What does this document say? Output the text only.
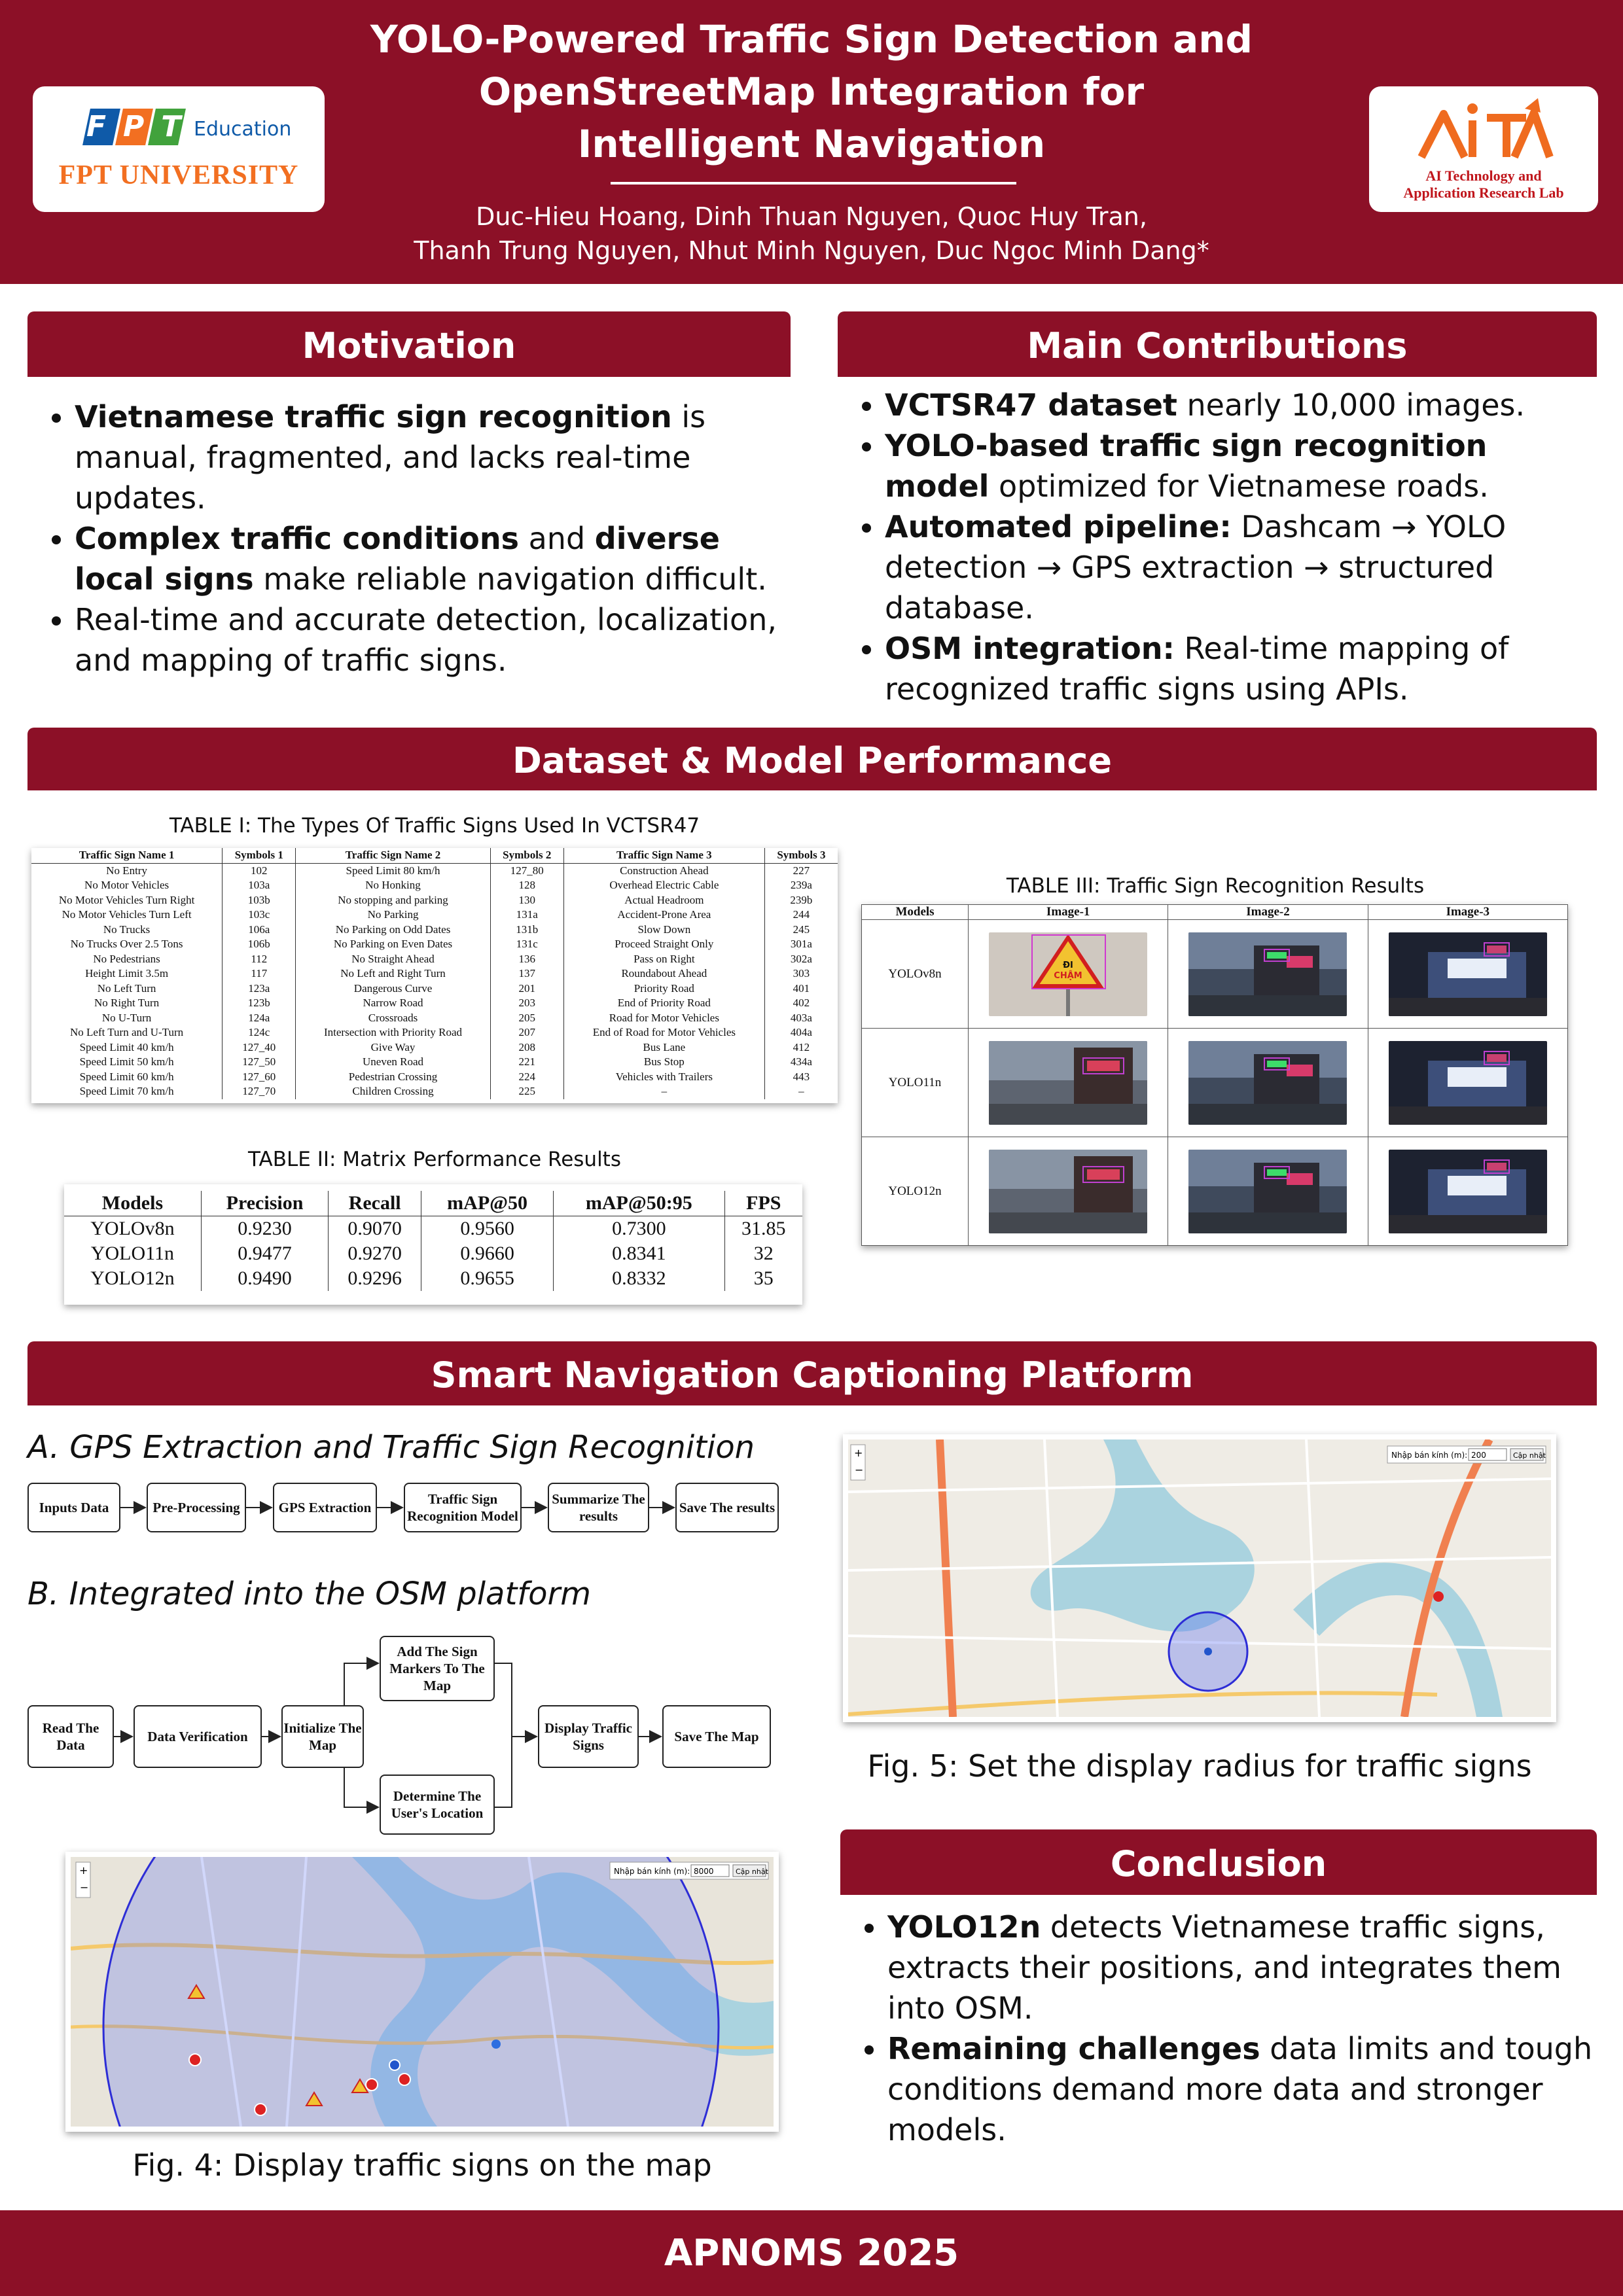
YOLO-Powered Traffic Sign Detection and
OpenStreetMap Integration for
Intelligent Navigation
Duc-Hieu Hoang, Dinh Thuan Nguyen, Quoc Huy Tran,
Thanh Trung Nguyen, Nhut Minh Nguyen, Duc Ngoc Minh Dang*
FPT
Education
FPT UNIVERSITY	AI Technology and
Application Research Lab
Motivation
• Vietnamese traffic sign recognition is manual, fragmented, and lacks real-time updates.
• Complex traffic conditions and diverse local signs make reliable navigation difficult.
• Real-time and accurate detection, localization, and mapping of traffic signs.
Main Contributions
• VCTSR47 dataset nearly 10,000 images.
• YOLO-based traffic sign recognition model optimized for Vietnamese roads.
• Automated pipeline: Dashcam → YOLO detection → GPS extraction → structured database.
• OSM integration: Real-time mapping of recognized traffic signs using APIs.
Dataset & Model Performance
TABLE I: The Types Of Traffic Signs Used In VCTSR47
Traffic Sign Name 1	Symbols 1	Traffic Sign Name 2	Symbols 2	Traffic Sign Name 3	Symbols 3
No Entry	102	Speed Limit 80 km/h	127_80	Construction Ahead	227
No Motor Vehicles	103a	No Honking	128	Overhead Electric Cable	239a
No Motor Vehicles Turn Right	103b	No stopping and parking	130	Actual Headroom	239b
No Motor Vehicles Turn Left	103c	No Parking	131a	Accident-Prone Area	244
No Trucks	106a	No Parking on Odd Dates	131b	Slow Down	245
No Trucks Over 2.5 Tons	106b	No Parking on Even Dates	131c	Proceed Straight Only	301a
No Pedestrians	112	No Straight Ahead	136	Pass on Right	302a
Height Limit 3.5m	117	No Left and Right Turn	137	Roundabout Ahead	303
No Left Turn	123a	Dangerous Curve	201	Priority Road	401
No Right Turn	123b	Narrow Road	203	End of Priority Road	402
No U-Turn	124a	Crossroads	205	Road for Motor Vehicles	403a
No Left Turn and U-Turn	124c	Intersection with Priority Road	207	End of Road for Motor Vehicles	404a
Speed Limit 40 km/h	127_40	Give Way	208	Bus Lane	412
Speed Limit 50 km/h	127_50	Uneven Road	221	Bus Stop	434a
Speed Limit 60 km/h	127_60	Pedestrian Crossing	224	Vehicles with Trailers	443
Speed Limit 70 km/h	127_70	Children Crossing	225	–	–
TABLE II: Matrix Performance Results
Models	Precision	Recall	mAP@50	mAP@50:95	FPS
YOLOv8n	0.9230	0.9070	0.9560	0.7300	31.85
YOLO11n	0.9477	0.9270	0.9660	0.8341	32
YOLO12n	0.9490	0.9296	0.9655	0.8332	35
TABLE III: Traffic Sign Recognition Results
Models	Image-1	Image-2	Image-3
YOLOv8n	ĐI
CHẬM

YOLO11n	

YOLO12n	

Smart Navigation Captioning Platform
A. GPS Extraction and Traffic Sign Recognition
Inputs Data	Pre-Processing	GPS Extraction
Traffic Sign Recognition Model
Summarize The results
Save The results
B. Integrated into the OSM platform
Read The Data
Data Verification
Initialize The Map
Add The Sign Markers To The Map
Determine The User's Location
Display Traffic Signs
Save The Map
+
−
Nhập bán kính (m): 8000	Cập nhật
Fig. 4: Display traffic signs on the map
+
−
Nhập bán kính (m): 200	Cập nhật
Fig. 5: Set the display radius for traffic signs
Conclusion
• YOLO12n detects Vietnamese traffic signs, extracts their positions, and integrates them into OSM.
• Remaining challenges data limits and tough conditions demand more data and stronger models.
APNOMS 2025
